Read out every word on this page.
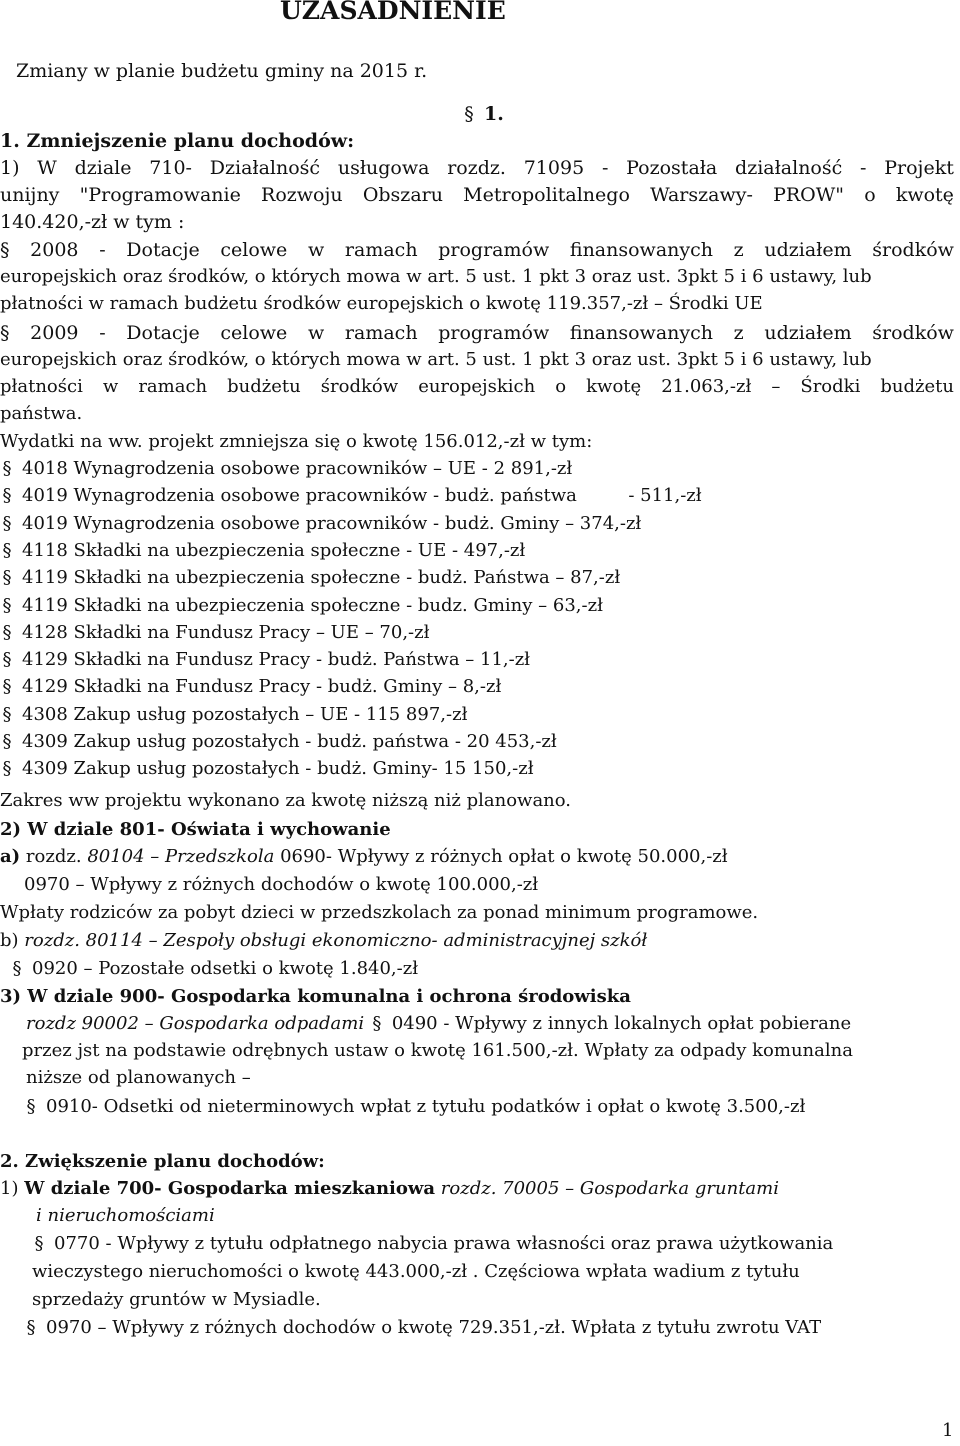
UZASADNIENIE
Zmiany w planie budżetu gminy na 2015 r.
§ 1.
1. Zmniejszenie planu dochodów:
1) W dziale 710- Działalność usługowa rozdz. 71095 - Pozostała działalność - Projekt
unijny "Programowanie Rozwoju Obszaru Metropolitalnego Warszawy- PROW" o kwotę
140.420,-zł w tym :
§ 2008 - Dotacje celowe w ramach programów finansowanych z udziałem środków
europejskich oraz środków, o których mowa w art. 5 ust. 1 pkt 3 oraz ust. 3pkt 5 i 6 ustawy, lub
płatności w ramach budżetu środków europejskich o kwotę 119.357,-zł – Środki UE
§ 2009 - Dotacje celowe w ramach programów finansowanych z udziałem środków
europejskich oraz środków, o których mowa w art. 5 ust. 1 pkt 3 oraz ust. 3pkt 5 i 6 ustawy, lub
płatności w ramach budżetu środków europejskich o kwotę 21.063,-zł – Środki budżetu
państwa.
Wydatki na ww. projekt zmniejsza się o kwotę 156.012,-zł w tym:
§ 4018 Wynagrodzenia osobowe pracowników – UE - 2 891,-zł
§ 4019 Wynagrodzenia osobowe pracowników - budż. państwa         - 511,-zł
§ 4019 Wynagrodzenia osobowe pracowników - budż. Gminy – 374,-zł
§ 4118 Składki na ubezpieczenia społeczne - UE - 497,-zł
§ 4119 Składki na ubezpieczenia społeczne - budż. Państwa – 87,-zł
§ 4119 Składki na ubezpieczenia społeczne - budz. Gminy – 63,-zł
§ 4128 Składki na Fundusz Pracy – UE – 70,-zł
§ 4129 Składki na Fundusz Pracy - budż. Państwa – 11,-zł
§ 4129 Składki na Fundusz Pracy - budż. Gminy – 8,-zł
§ 4308 Zakup usług pozostałych – UE - 115 897,-zł
§ 4309 Zakup usług pozostałych - budż. państwa - 20 453,-zł
§ 4309 Zakup usług pozostałych - budż. Gminy- 15 150,-zł
Zakres ww projektu wykonano za kwotę niższą niż planowano.
2) W dziale 801- Oświata i wychowanie
a) rozdz. 80104 – Przedszkola 0690- Wpływy z różnych opłat o kwotę 50.000,-zł
0970 – Wpływy z różnych dochodów o kwotę 100.000,-zł
Wpłaty rodziców za pobyt dzieci w przedszkolach za ponad minimum programowe.
b) rozdz. 80114 – Zespoły obsługi ekonomiczno- administracyjnej szkół
§ 0920 – Pozostałe odsetki o kwotę 1.840,-zł
3) W dziale 900- Gospodarka komunalna i ochrona środowiska
rozdz 90002 – Gospodarka odpadami § 0490 - Wpływy z innych lokalnych opłat pobierane
przez jst na podstawie odrębnych ustaw o kwotę 161.500,-zł. Wpłaty za odpady komunalna
niższe od planowanych –
§ 0910- Odsetki od nieterminowych wpłat z tytułu podatków i opłat o kwotę 3.500,-zł
2. Zwiększenie planu dochodów:
1) W dziale 700- Gospodarka mieszkaniowa rozdz. 70005 – Gospodarka gruntami
i nieruchomościami
§ 0770 - Wpływy z tytułu odpłatnego nabycia prawa własności oraz prawa użytkowania
wieczystego nieruchomości o kwotę 443.000,-zł . Częściowa wpłata wadium z tytułu
sprzedaży gruntów w Mysiadle.
§ 0970 – Wpływy z różnych dochodów o kwotę 729.351,-zł. Wpłata z tytułu zwrotu VAT
1
